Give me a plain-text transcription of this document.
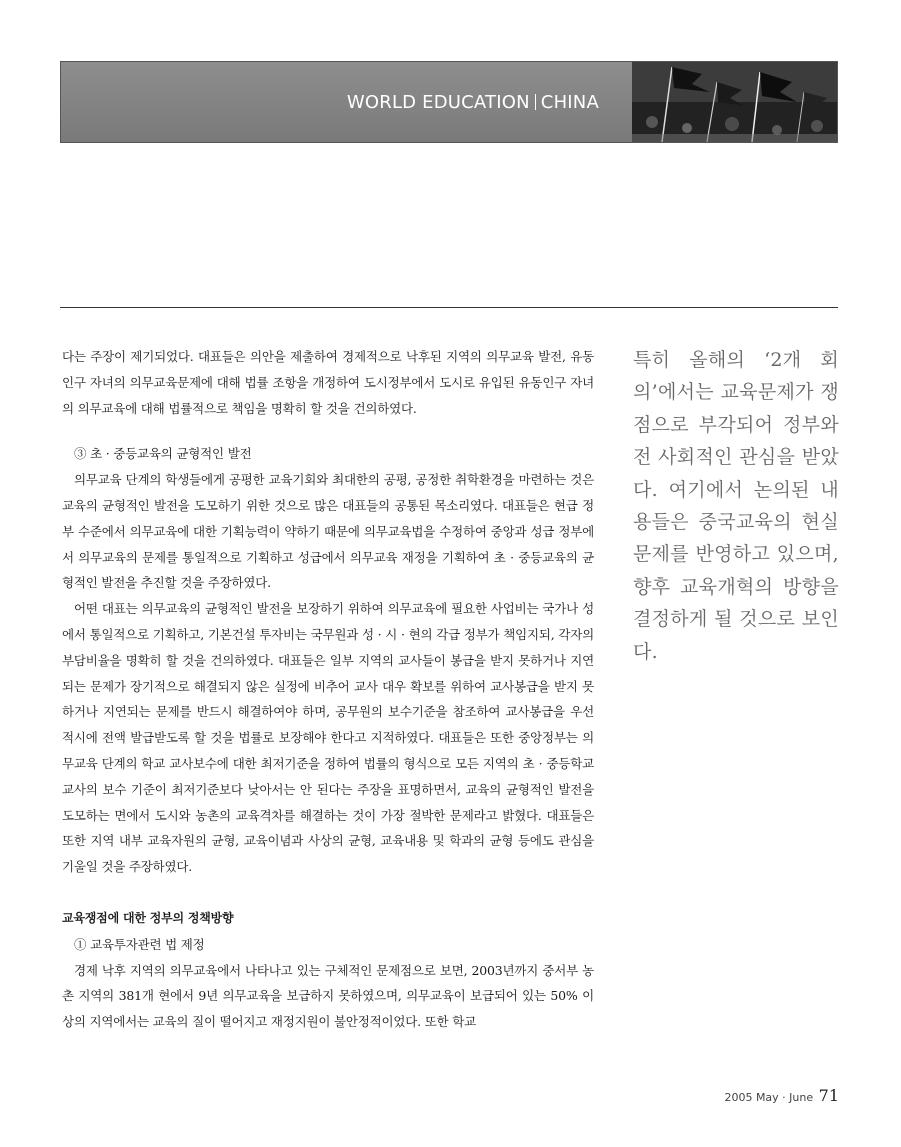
WORLD EDUCATION CHINA

다는 주장이 제기되었다. 대표들은 의안을 제출하여 경제적으로 낙후된 지역의 의무교육 발전, 유동인구 자녀의 의무교육문제에 대해 법률 조항을 개정하여 도시정부에서 도시로 유입된 유동인구 자녀의 의무교육에 대해 법률적으로 책임을 명확히 할 것을 건의하였다.

③ 초 · 중등교육의 균형적인 발전

의무교육 단계의 학생들에게 공평한 교육기회와 최대한의 공평, 공정한 취학환경을 마련하는 것은 교육의 균형적인 발전을 도모하기 위한 것으로 많은 대표들의 공통된 목소리였다. 대표들은 현급 정부 수준에서 의무교육에 대한 기획능력이 약하기 때문에 의무교육법을 수정하여 중앙과 성급 정부에서 의무교육의 문제를 통일적으로 기획하고 성급에서 의무교육 재정을 기획하여 초 · 중등교육의 균형적인 발전을 추진할 것을 주장하였다.

어떤 대표는 의무교육의 균형적인 발전을 보장하기 위하여 의무교육에 필요한 사업비는 국가나 성에서 통일적으로 기획하고, 기본건설 투자비는 국무원과 성 · 시 · 현의 각급 정부가 책임지되, 각자의 부담비율을 명확히 할 것을 건의하였다. 대표들은 일부 지역의 교사들이 봉급을 받지 못하거나 지연되는 문제가 장기적으로 해결되지 않은 실정에 비추어 교사 대우 확보를 위하여 교사봉급을 받지 못하거나 지연되는 문제를 반드시 해결하여야 하며, 공무원의 보수기준을 참조하여 교사봉급을 우선 적시에 전액 발급받도록 할 것을 법률로 보장해야 한다고 지적하였다. 대표들은 또한 중앙정부는 의무교육 단계의 학교 교사보수에 대한 최저기준을 정하여 법률의 형식으로 모든 지역의 초 · 중등학교 교사의 보수 기준이 최저기준보다 낮아서는 안 된다는 주장을 표명하면서, 교육의 균형적인 발전을 도모하는 면에서 도시와 농촌의 교육격차를 해결하는 것이 가장 절박한 문제라고 밝혔다. 대표들은 또한 지역 내부 교육자원의 균형, 교육이념과 사상의 균형, 교육내용 및 학과의 균형 등에도 관심을 기울일 것을 주장하였다.

교육쟁점에 대한 정부의 정책방향

① 교육투자관련 법 제정

경제 낙후 지역의 의무교육에서 나타나고 있는 구체적인 문제점으로 보면, 2003년까지 중서부 농촌 지역의 381개 현에서 9년 의무교육을 보급하지 못하였으며, 의무교육이 보급되어 있는 50% 이상의 지역에서는 교육의 질이 떨어지고 재정지원이 불안정적이었다. 또한 학교

특히 올해의 ‘2개 회의’에서는 교육문제가 쟁점으로 부각되어 정부와 전 사회적인 관심을 받았다. 여기에서 논의된 내용들은 중국교육의 현실 문제를 반영하고 있으며, 향후 교육개혁의 방향을 결정하게 될 것으로 보인다.
2005 May · June 71
